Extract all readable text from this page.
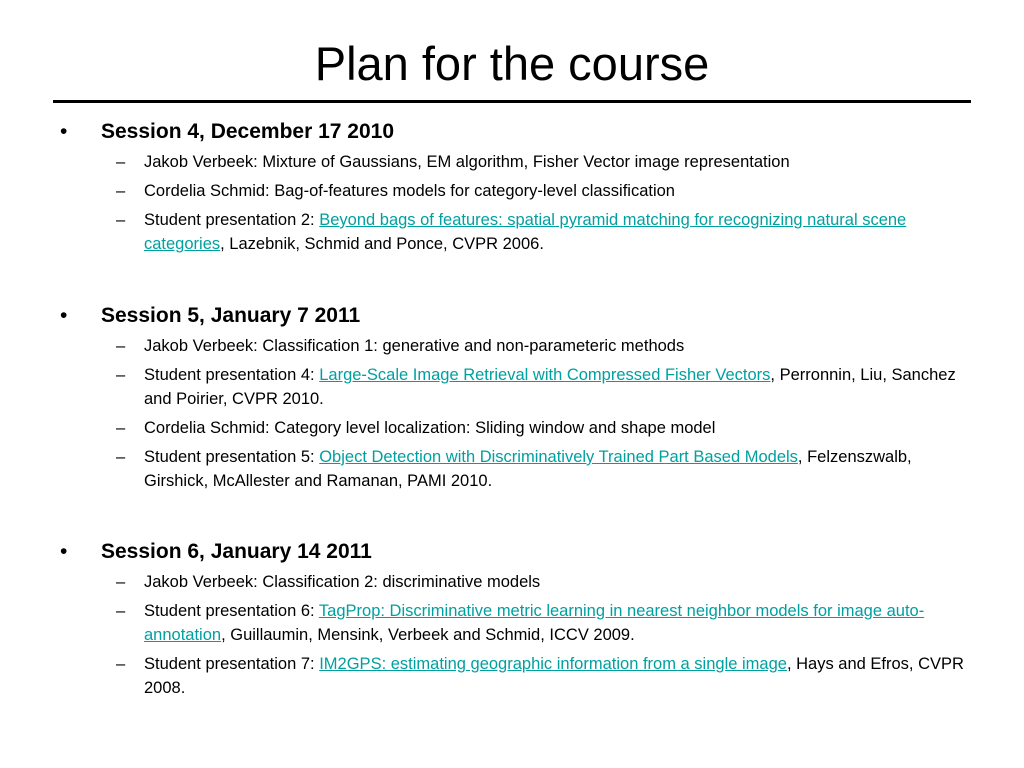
Plan for the course
• Session 4, December 17 2010
– Jakob Verbeek: Mixture of Gaussians, EM algorithm, Fisher Vector image representation
– Cordelia Schmid: Bag-of-features models for category-level classification
– Student presentation 2: Beyond bags of features: spatial pyramid matching for recognizing natural scene categories, Lazebnik, Schmid and Ponce, CVPR 2006.
• Session 5, January 7 2011
– Jakob Verbeek: Classification 1: generative and non-parameteric methods
– Student presentation 4: Large-Scale Image Retrieval with Compressed Fisher Vectors, Perronnin, Liu, Sanchez and Poirier, CVPR 2010.
– Cordelia Schmid: Category level localization: Sliding window and shape model
– Student presentation 5: Object Detection with Discriminatively Trained Part Based Models, Felzenszwalb, Girshick, McAllester and Ramanan, PAMI 2010.
• Session 6, January 14 2011
– Jakob Verbeek: Classification 2: discriminative models
– Student presentation 6: TagProp: Discriminative metric learning in nearest neighbor models for image auto-annotation, Guillaumin, Mensink, Verbeek and Schmid, ICCV 2009.
– Student presentation 7: IM2GPS: estimating geographic information from a single image, Hays and Efros, CVPR 2008.
